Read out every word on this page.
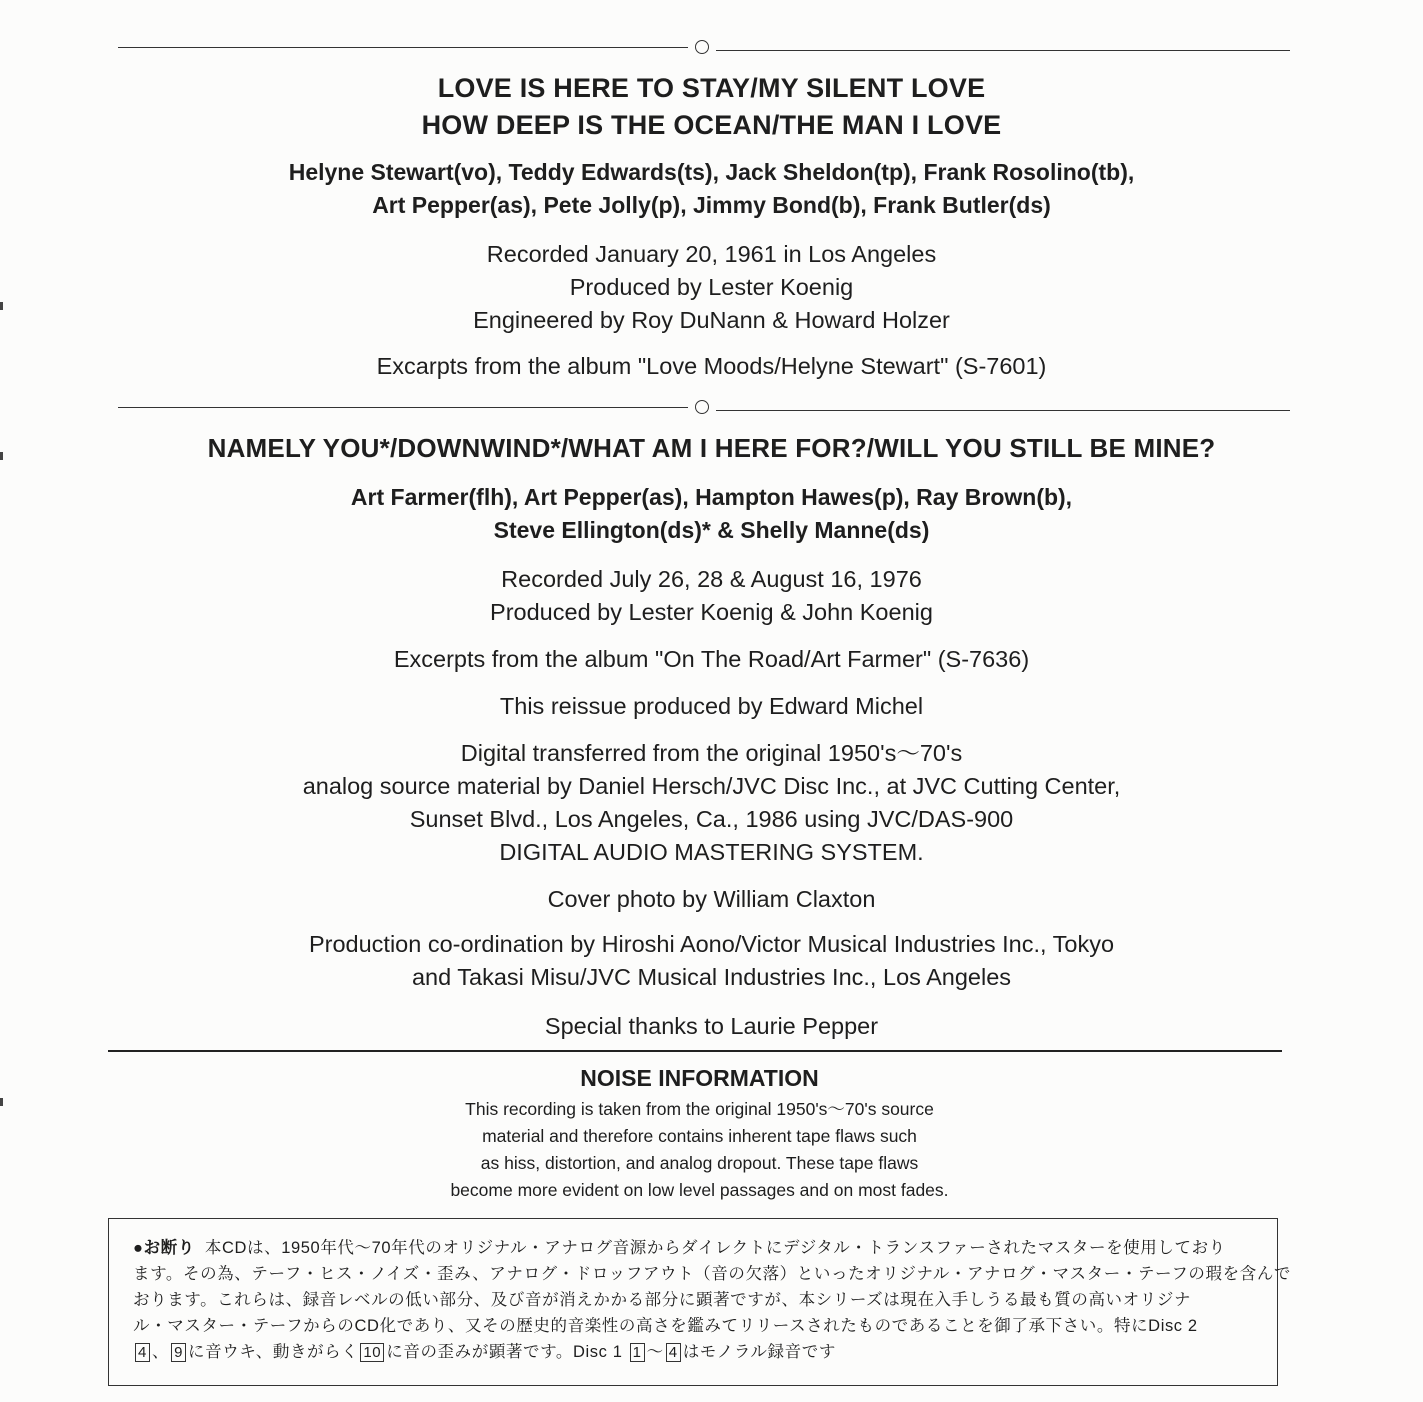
LOVE IS HERE TO STAY/MY SILENT LOVE
HOW DEEP IS THE OCEAN/THE MAN I LOVE
Helyne Stewart(vo), Teddy Edwards(ts), Jack Sheldon(tp), Frank Rosolino(tb),
Art Pepper(as), Pete Jolly(p), Jimmy Bond(b), Frank Butler(ds)
Recorded January 20, 1961 in Los Angeles
Produced by Lester Koenig
Engineered by Roy DuNann & Howard Holzer
Excarpts from the album "Love Moods/Helyne Stewart" (S-7601)
NAMELY YOU*/DOWNWIND*/WHAT AM I HERE FOR?/WILL YOU STILL BE MINE?
Art Farmer(flh), Art Pepper(as), Hampton Hawes(p), Ray Brown(b),
Steve Ellington(ds)* & Shelly Manne(ds)
Recorded July 26, 28 & August 16, 1976
Produced by Lester Koenig & John Koenig
Excerpts from the album "On The Road/Art Farmer" (S-7636)
This reissue produced by Edward Michel
Digital transferred from the original 1950's〜70's
analog source material by Daniel Hersch/JVC Disc Inc., at JVC Cutting Center,
Sunset Blvd., Los Angeles, Ca., 1986 using JVC/DAS-900
DIGITAL AUDIO MASTERING SYSTEM.
Cover photo by William Claxton
Production co-ordination by Hiroshi Aono/Victor Musical Industries Inc., Tokyo
and Takasi Misu/JVC Musical Industries Inc., Los Angeles
Special thanks to Laurie Pepper
NOISE INFORMATION
This recording is taken from the original 1950's〜70's source
material and therefore contains inherent tape flaws such
as hiss, distortion, and analog dropout. These tape flaws
become more evident on low level passages and on most fades.
●お断り 本CDは、1950年代〜70年代のオリジナル・アナログ音源からダイレクトにデジタル・トランスファーされたマスターを使用しており
ます。その為、テーフ・ヒス・ノイズ・歪み、アナログ・ドロッフアウト（音の欠落）といったオリジナル・アナログ・マスター・テーフの瑕を含んで
おります。これらは、録音レベルの低い部分、及び音が消えかかる部分に顕著ですが、本シリーズは現在入手しうる最も質の高いオリジナ
ル・マスター・テーフからのCD化であり、又その歴史的音楽性の高さを鑑みてリリースされたものであることを御了承下さい。特にDisc 2
4 、 9 に音ウキ、動きがらく 10 に音の歪みが顕著です。Disc 1 1 〜 4 はモノラル録音です
